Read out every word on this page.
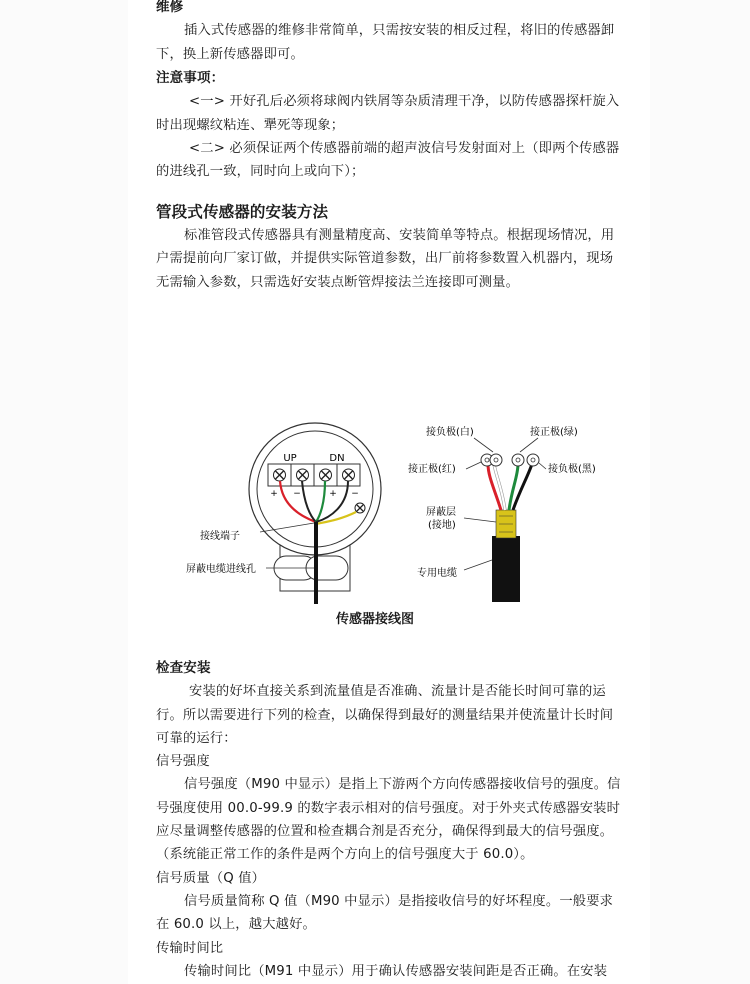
维修

插入式传感器的维修非常简单，只需按安装的相反过程，将旧的传感器卸下，换上新传感器即可。

注意事项：

<一> 开好孔后必须将球阀内铁屑等杂质清理干净，以防传感器探杆旋入时出现螺纹粘连、犟死等现象；

<二> 必须保证两个传感器前端的超声波信号发射面对上（即两个传感器的进线孔一致，同时向上或向下）；

管段式传感器的安装方法

标准管段式传感器具有测量精度高、安装简单等特点。根据现场情况，用户需提前向厂家订做，并提供实际管道参数，出厂前将参数置入机器内，现场无需输入参数，只需选好安装点断管焊接法兰连接即可测量。

UP	DN
+ −	+ −
接线端子
屏蔽电缆进线孔
接负极(白)	接正极(绿)
接正极(红)	接负极(黑)
屏蔽层
(接地)
专用电缆
传感器接线图

检查安装

安装的好坏直接关系到流量值是否准确、流量计是否能长时间可靠的运行。所以需要进行下列的检查，以确保得到最好的测量结果并使流量计长时间可靠的运行：

信号强度

信号强度（M90 中显示）是指上下游两个方向传感器接收信号的强度。信号强度使用 00.0-99.9 的数字表示相对的信号强度。对于外夹式传感器安装时应尽量调整传感器的位置和检查耦合剂是否充分，确保得到最大的信号强度。（系统能正常工作的条件是两个方向上的信号强度大于 60.0）。

信号质量（Q 值）

信号质量简称 Q 值（M90 中显示）是指接收信号的好坏程度。一般要求在 60.0 以上，越大越好。

传输时间比

传输时间比（M91 中显示）用于确认传感器安装间距是否正确。在安装
